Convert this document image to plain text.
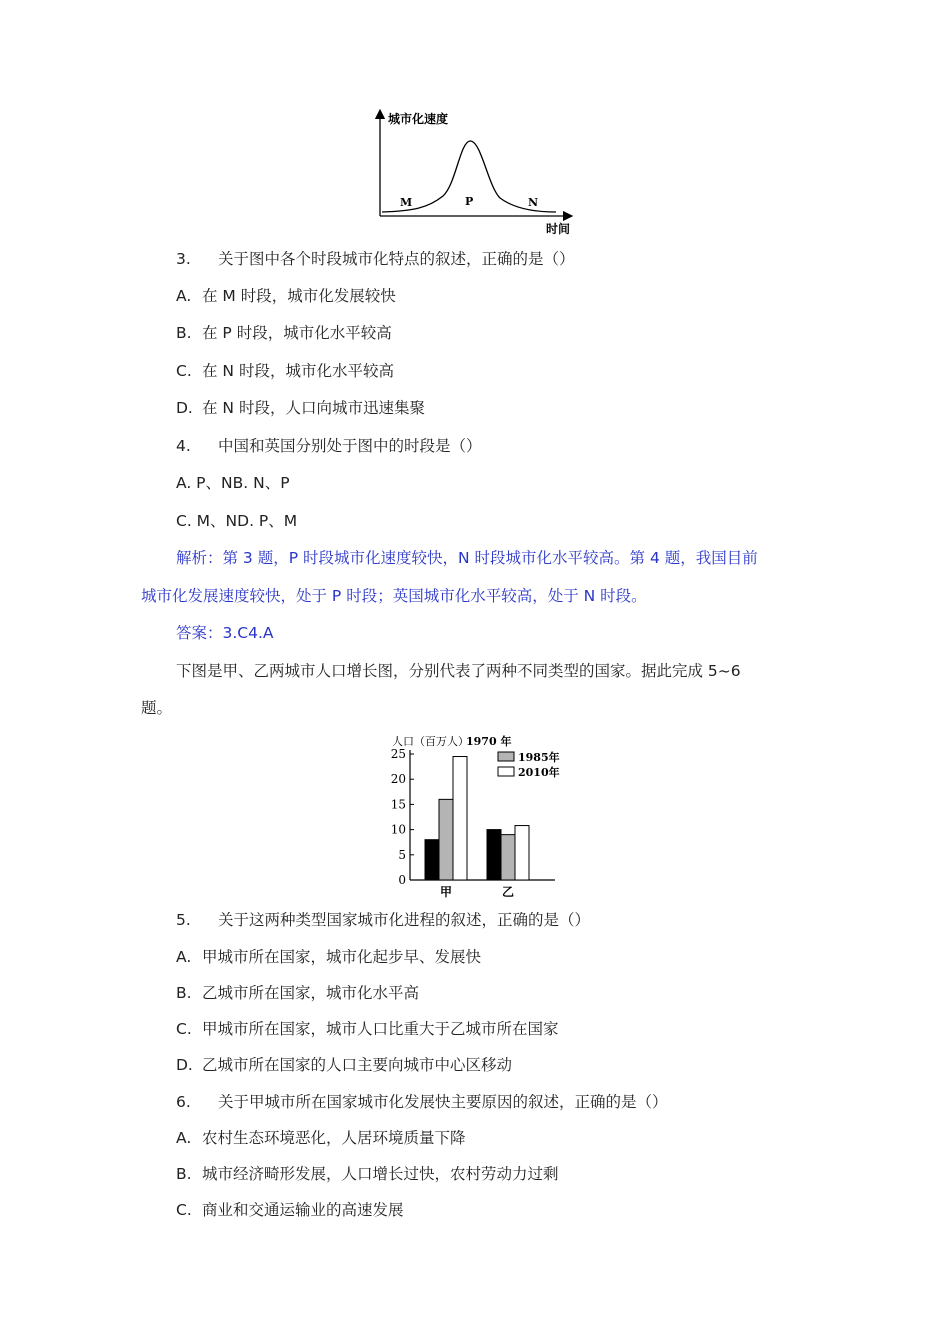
城市化速度
时间
M	P	N
3. 关于图中各个时段城市化特点的叙述，正确的是（）
A. 在 M 时段，城市化发展较快
B. 在 P 时段，城市化水平较高
C. 在 N 时段，城市化水平较高
D. 在 N 时段，人口向城市迅速集聚
4. 中国和英国分别处于图中的时段是（）
A. P、NB. N、P
C. M、ND. P、M
解析：第 3 题，P 时段城市化速度较快，N 时段城市化水平较高。第 4 题，我国目前
城市化发展速度较快，处于 P 时段；英国城市化水平较高，处于 N 时段。
答案：3.C4.A
下图是甲、乙两城市人口增长图，分别代表了两种不同类型的国家。据此完成 5~6
题。
人口（百万人）
0
5
10
15
20
25
甲	乙
1970 年
1985年
2010年
5. 关于这两种类型国家城市化进程的叙述，正确的是（）
A. 甲城市所在国家，城市化起步早、发展快
B. 乙城市所在国家，城市化水平高
C. 甲城市所在国家，城市人口比重大于乙城市所在国家
D. 乙城市所在国家的人口主要向城市中心区移动
6. 关于甲城市所在国家城市化发展快主要原因的叙述，正确的是（）
A. 农村生态环境恶化，人居环境质量下降
B. 城市经济畸形发展，人口增长过快，农村劳动力过剩
C. 商业和交通运输业的高速发展
